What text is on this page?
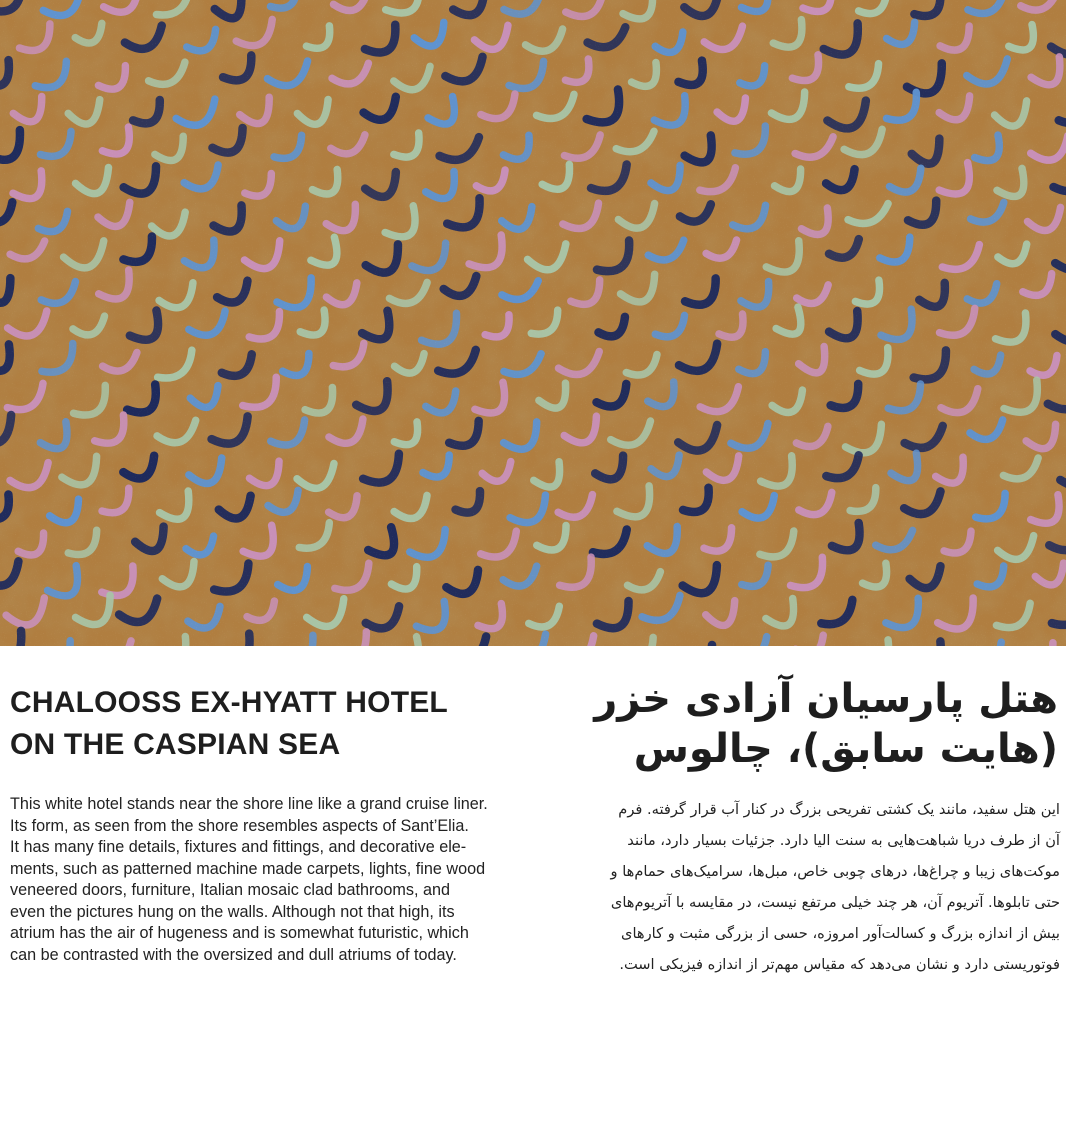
CHALOOSS EX-HYATT HOTEL
ON THE CASPIAN SEA
هتل پارسیان آزادی خزر
(هایت سابق)، چالوس

This white hotel stands near the shore line like a grand cruise liner.
Its form, as seen from the shore resembles aspects of Sant’Elia.
It has many fine details, fixtures and fittings, and decorative ele-
ments, such as patterned machine made carpets, lights, fine wood
veneered doors, furniture, Italian mosaic clad bathrooms, and
even the pictures hung on the walls. Although not that high, its
atrium has the air of hugeness and is somewhat futuristic, which
can be contrasted with the oversized and dull atriums of today.

این هتل سفید، مانند یک کشتی تفریحی بزرگ در کنار آب قرار گرفته. فرم
آن از طرف دریا شباهت‌هایی به سنت الیا دارد. جزئیات بسیار دارد، مانند
موکت‌های زیبا و چراغ‌ها، درهای چوبی خاص، مبل‌ها، سرامیک‌های حمام‌ها و
حتی تابلوها. آتریوم آن، هر چند خیلی مرتفع نیست، در مقایسه با آتریوم‌های
بیش از اندازه بزرگ و کسالت‌آور امروزه، حسی از بزرگی مثبت و کارهای
فوتوریستی دارد و نشان می‌دهد که مقیاس مهم‌تر از اندازه فیزیکی است.
